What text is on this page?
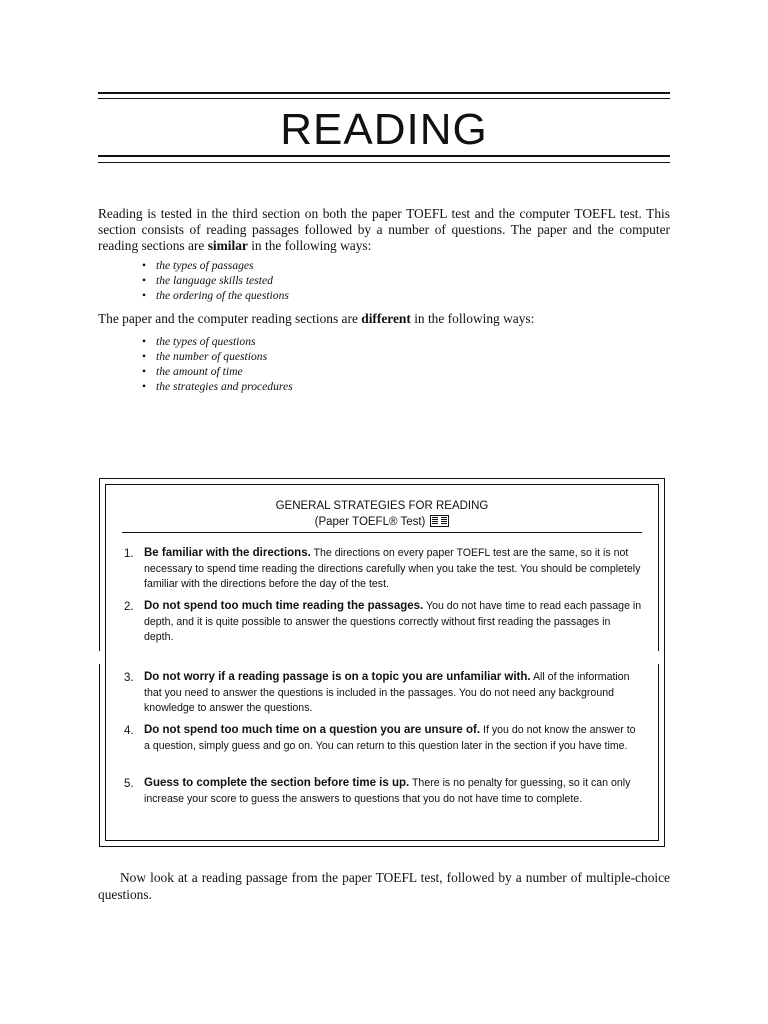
READING

Reading is tested in the third section on both the paper TOEFL test and the computer TOEFL test. This section consists of reading passages followed by a number of questions. The paper and the computer reading sections are similar in the following ways:

• the types of passages
• the language skills tested
• the ordering of the questions

The paper and the computer reading sections are different in the following ways:

• the types of questions
• the number of questions
• the amount of time
• the strategies and procedures
GENERAL STRATEGIES FOR READING
(Paper TOEFL® Test)
1. Be familiar with the directions. The directions on every paper TOEFL test are the same, so it is not necessary to spend time reading the directions carefully when you take the test. You should be completely familiar with the directions before the day of the test.
2. Do not spend too much time reading the passages. You do not have time to read each passage in depth, and it is quite possible to answer the questions correctly without first reading the passages in depth.
3. Do not worry if a reading passage is on a topic you are unfamiliar with. All of the information that you need to answer the questions is included in the passages. You do not need any background knowledge to answer the questions.
4. Do not spend too much time on a question you are unsure of. If you do not know the answer to a question, simply guess and go on. You can return to this question later in the section if you have time.
5. Guess to complete the section before time is up. There is no penalty for guessing, so it can only increase your score to guess the answers to questions that you do not have time to complete.

Now look at a reading passage from the paper TOEFL test, followed by a number of multiple-choice questions.
